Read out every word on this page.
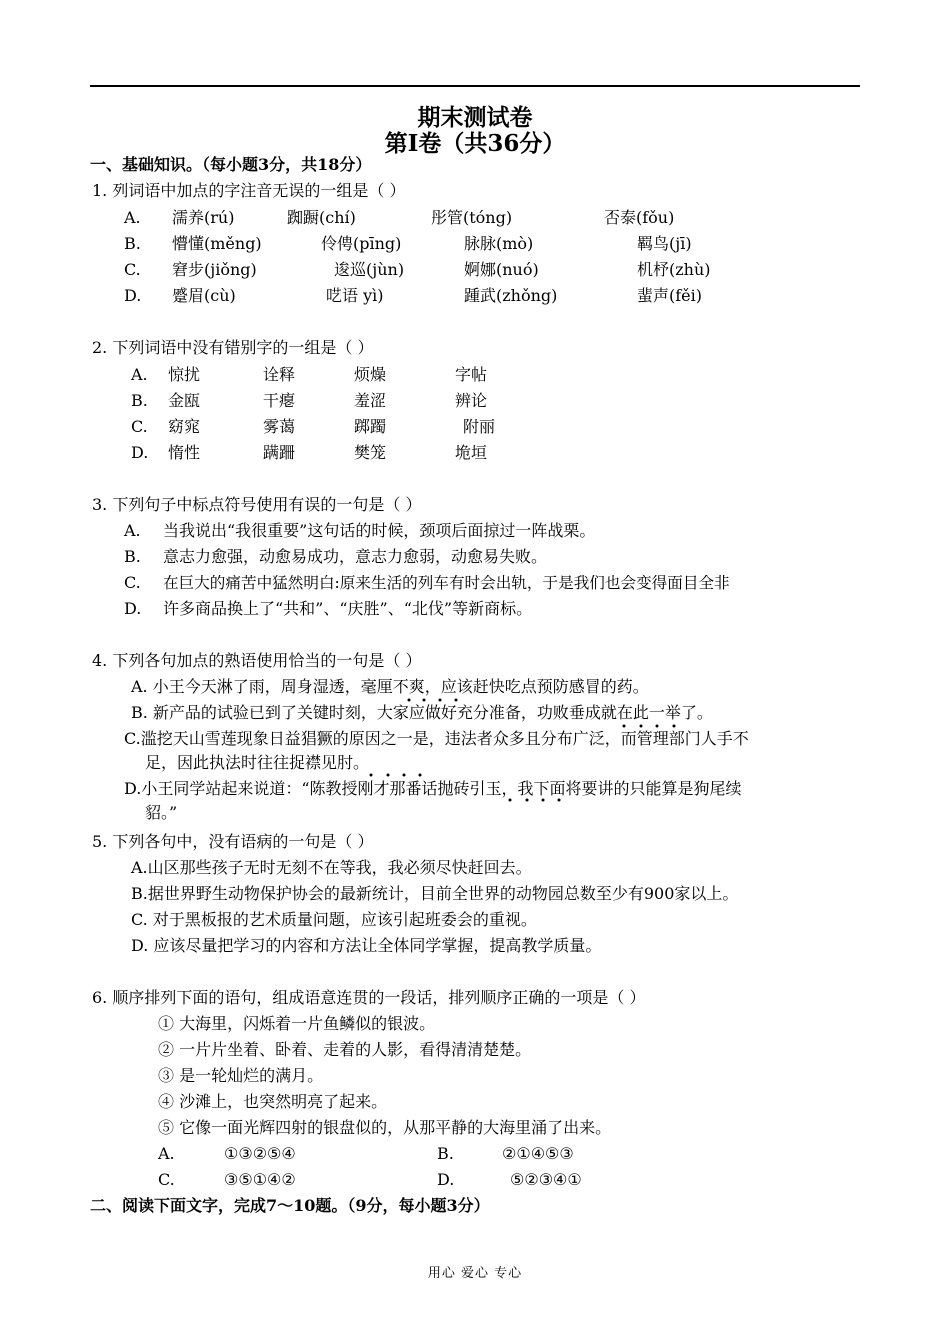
期末测试卷
第Ⅰ卷（共36分）
一、基础知识。（每小题3分，共18分）
1. 列词语中加点的字注音无误的一组是（ ）
A. 濡养(rú)	踟蹰(chí)	彤管(tóng)	否泰(fǒu)
B. 懵懂(měng)	伶俜(pīng)	脉脉(mò)	羁鸟(jī)
C. 窘步(jiǒng)	逡巡(jùn)	婀娜(nuó)	机杼(zhù)
D. 蹙眉(cù)	呓语 yì)	踵武(zhǒng)	蜚声(fěi)
2. 下列词语中没有错别字的一组是（ ）
A. 惊扰	诠释	烦燥	字帖
B. 金瓯	干瘪	羞涩	辨论
C. 窈窕	雾蔼	踯躅	附丽
D. 惰性	蹒跚	樊笼	垝垣
3. 下列句子中标点符号使用有误的一句是（ ）
A. 当我说出“我很重要”这句话的时候，颈项后面掠过一阵战栗。
B. 意志力愈强，动愈易成功，意志力愈弱，动愈易失败。
C. 在巨大的痛苦中猛然明白:原来生活的列车有时会出轨，于是我们也会变得面目全非
D. 许多商品换上了“共和”、“庆胜”、“北伐”等新商标。
4. 下列各句加点的熟语使用恰当的一句是（ ）
A. 小王今天淋了雨，周身湿透，毫厘不爽，应该赶快吃点预防感冒的药。
B. 新产品的试验已到了关键时刻，大家应做好充分准备，功败垂成就在此一举了。
C.滥挖天山雪莲现象日益猖獗的原因之一是，违法者众多且分布广泛，而管理部门人手不
足，因此执法时往往捉襟见肘。
D.小王同学站起来说道：“陈教授刚才那番话抛砖引玉，我下面将要讲的只能算是狗尾续
貂。”
5. 下列各句中，没有语病的一句是（ ）
A.山区那些孩子无时无刻不在等我，我必须尽快赶回去。
B.据世界野生动物保护协会的最新统计，目前全世界的动物园总数至少有900家以上。
C. 对于黑板报的艺术质量问题，应该引起班委会的重视。
D. 应该尽量把学习的内容和方法让全体同学掌握，提高教学质量。
6. 顺序排列下面的语句，组成语意连贯的一段话，排列顺序正确的一项是（ ）
① 大海里，闪烁着一片鱼鳞似的银波。
② 一片片坐着、卧着、走着的人影，看得清清楚楚。
③ 是一轮灿烂的满月。
④ 沙滩上，也突然明亮了起来。
⑤ 它像一面光辉四射的银盘似的，从那平静的大海里涌了出来。
A.	①③②⑤④	B.	②①④⑤③
C.	③⑤①④②	D.	⑤②③④①
二、阅读下面文字，完成7～10题。（9分，每小题3分）
用心 爱心 专心
